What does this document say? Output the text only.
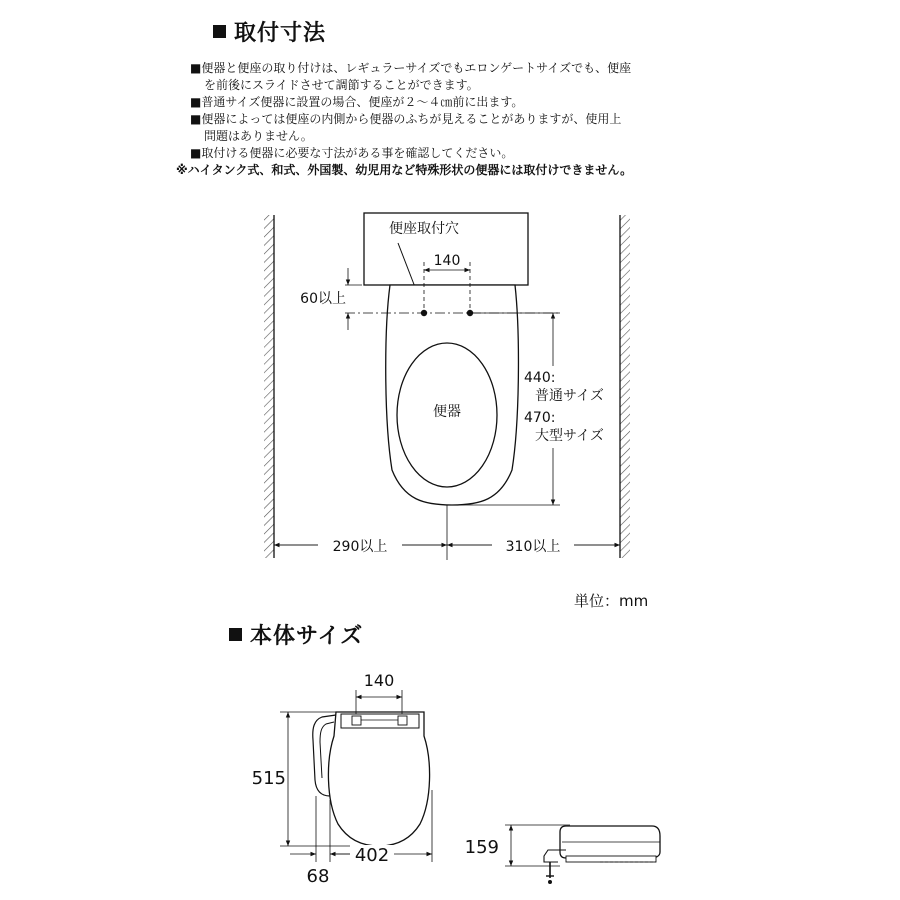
取付寸法
■便器と便座の取り付けは、レギュラーサイズでもエロンゲートサイズでも、便座
を前後にスライドさせて調節することができます。
■普通サイズ便器に設置の場合、便座が２～４㎝前に出ます。
■便器によっては便座の内側から便器のふちが見えることがありますが、使用上
問題はありません。
■取付ける便器に必要な寸法がある事を確認してください。
※ハイタンク式、和式、外国製、幼児用など特殊形状の便器には取付けできません。
便座取付穴
便器
140
60以上
440:
普通サイズ
470:
大型サイズ
290以上	310以上
単位：mm
本体サイズ
140
515
402
68
159
